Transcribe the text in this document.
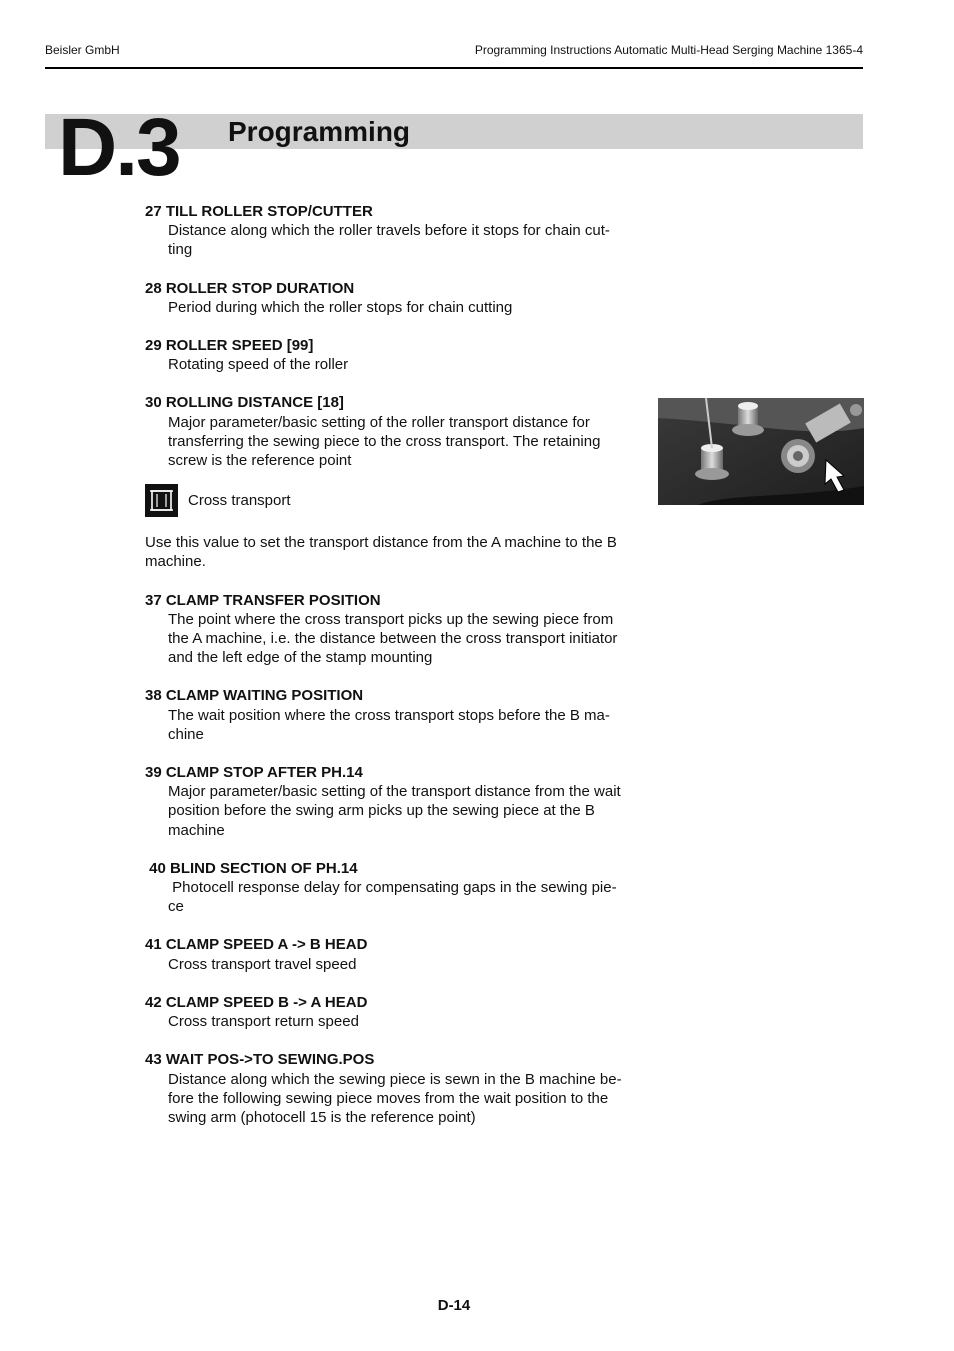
Beisler GmbH	Programming Instructions Automatic Multi-Head Serging Machine 1365-4
D.3 Programming
27 TILL ROLLER STOP/CUTTER
Distance along which the roller travels before it stops for chain cut-
ting
28 ROLLER STOP DURATION
Period during which the roller stops for chain cutting
29 ROLLER SPEED [99]
Rotating speed of the roller
30 ROLLING DISTANCE [18]
Major parameter/basic setting of the roller transport distance for
transferring the sewing piece to the cross transport. The retaining
screw is the reference point
Cross transport
Use this value to set the transport distance from the A machine to the B
machine.
37 CLAMP TRANSFER POSITION
The point where the cross transport picks up the sewing piece from
the A machine, i.e. the distance between the cross transport initiator
and the left edge of the stamp mounting
38 CLAMP WAITING POSITION
The wait position where the cross transport stops before the B ma-
chine
39 CLAMP STOP AFTER PH.14
Major parameter/basic setting of the transport distance from the wait
position before the swing arm picks up the sewing piece at the B
machine
40 BLIND SECTION OF PH.14
Photocell response delay for compensating gaps in the sewing pie-
ce
41 CLAMP SPEED A -> B HEAD
Cross transport travel speed
42 CLAMP SPEED B -> A HEAD
Cross transport return speed
43 WAIT POS->TO SEWING.POS
Distance along which the sewing piece is sewn in the B machine be-
fore the following sewing piece moves from the wait position to the
swing arm (photocell 15 is the reference point)
D-14
